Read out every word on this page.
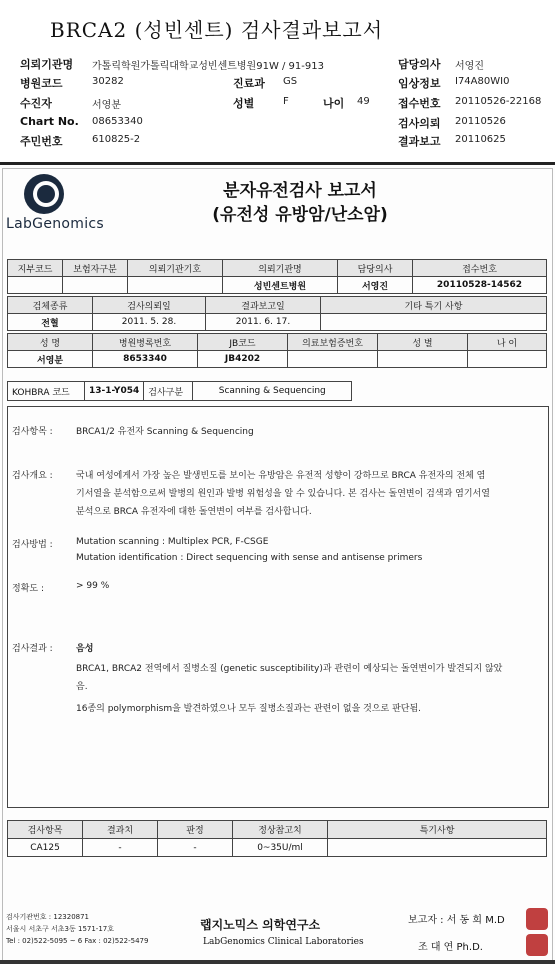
BRCA2 (성빈센트) 검사결과보고서
의뢰기관명 가톨릭학원가톨릭대학교성빈센트병원91W / 91-913	담당의사 서영진
병원코드	30282	진료과 GS	임상정보 I74A80WI0
수진자	서영분	성별	F	나이 49	접수번호 20110526-22168
Chart No. 08653340	검사의뢰 20110526
주민번호	610825-2	결과보고 20110625
LabGenomics
분자유전검사 보고서
(유전성 유방암/난소암)
지부코드	보험자구분	의뢰기관기호	의뢰기관명	담당의사	접수번호
			성빈센트병원	서영진	20110528-14562
검체종류	검사의뢰일	결과보고일	기타 특기 사항
전혈	2011. 5. 28.	2011. 6. 17.	
성 명	병원병록번호	JB코드	의료보험증번호	성 별	나 이
서영분	8653340	JB4202			
KOHBRA 코드	13-1-Y054	검사구분	Scanning & Sequencing
검사항목 :	BRCA1/2 유전자 Scanning & Sequencing
검사개요 :	국내 여성에게서 가장 높은 발생빈도를 보이는 유방암은 유전적 성향이 강하므로 BRCA 유전자의 전체 염
기서열을 분석함으로써 발병의 원인과 발병 위험성을 알 수 있습니다. 본 검사는 돌연변이 검색과 염기서열
분석으로 BRCA 유전자에 대한 돌연변이 여부를 검사합니다.
검사방법 :	Mutation scanning : Multiplex PCR, F-CSGE
Mutation identification : Direct sequencing with sense and antisense primers
정확도 :	> 99 %
검사결과 :	음성
BRCA1, BRCA2 전역에서 질병소질 (genetic susceptibility)과 관련이 예상되는 돌연변이가 발견되지 않았
음.
16종의 polymorphism을 발견하였으나 모두 질병소질과는 관련이 없을 것으로 판단됨.
검사항목	결과치	판정	정상참고치	특기사항
CA125	-	-	0~35U/ml	
검사기관번호 : 12320871
서울시 서초구 서초3동 1571-17호
Tel : 02)522-5095 ~ 6 Fax : 02)522-5479
랩지노믹스 의학연구소
LabGenomics Clinical Laboratories
보고자 : 서 동 희 M.D
조 대 연 Ph.D.
